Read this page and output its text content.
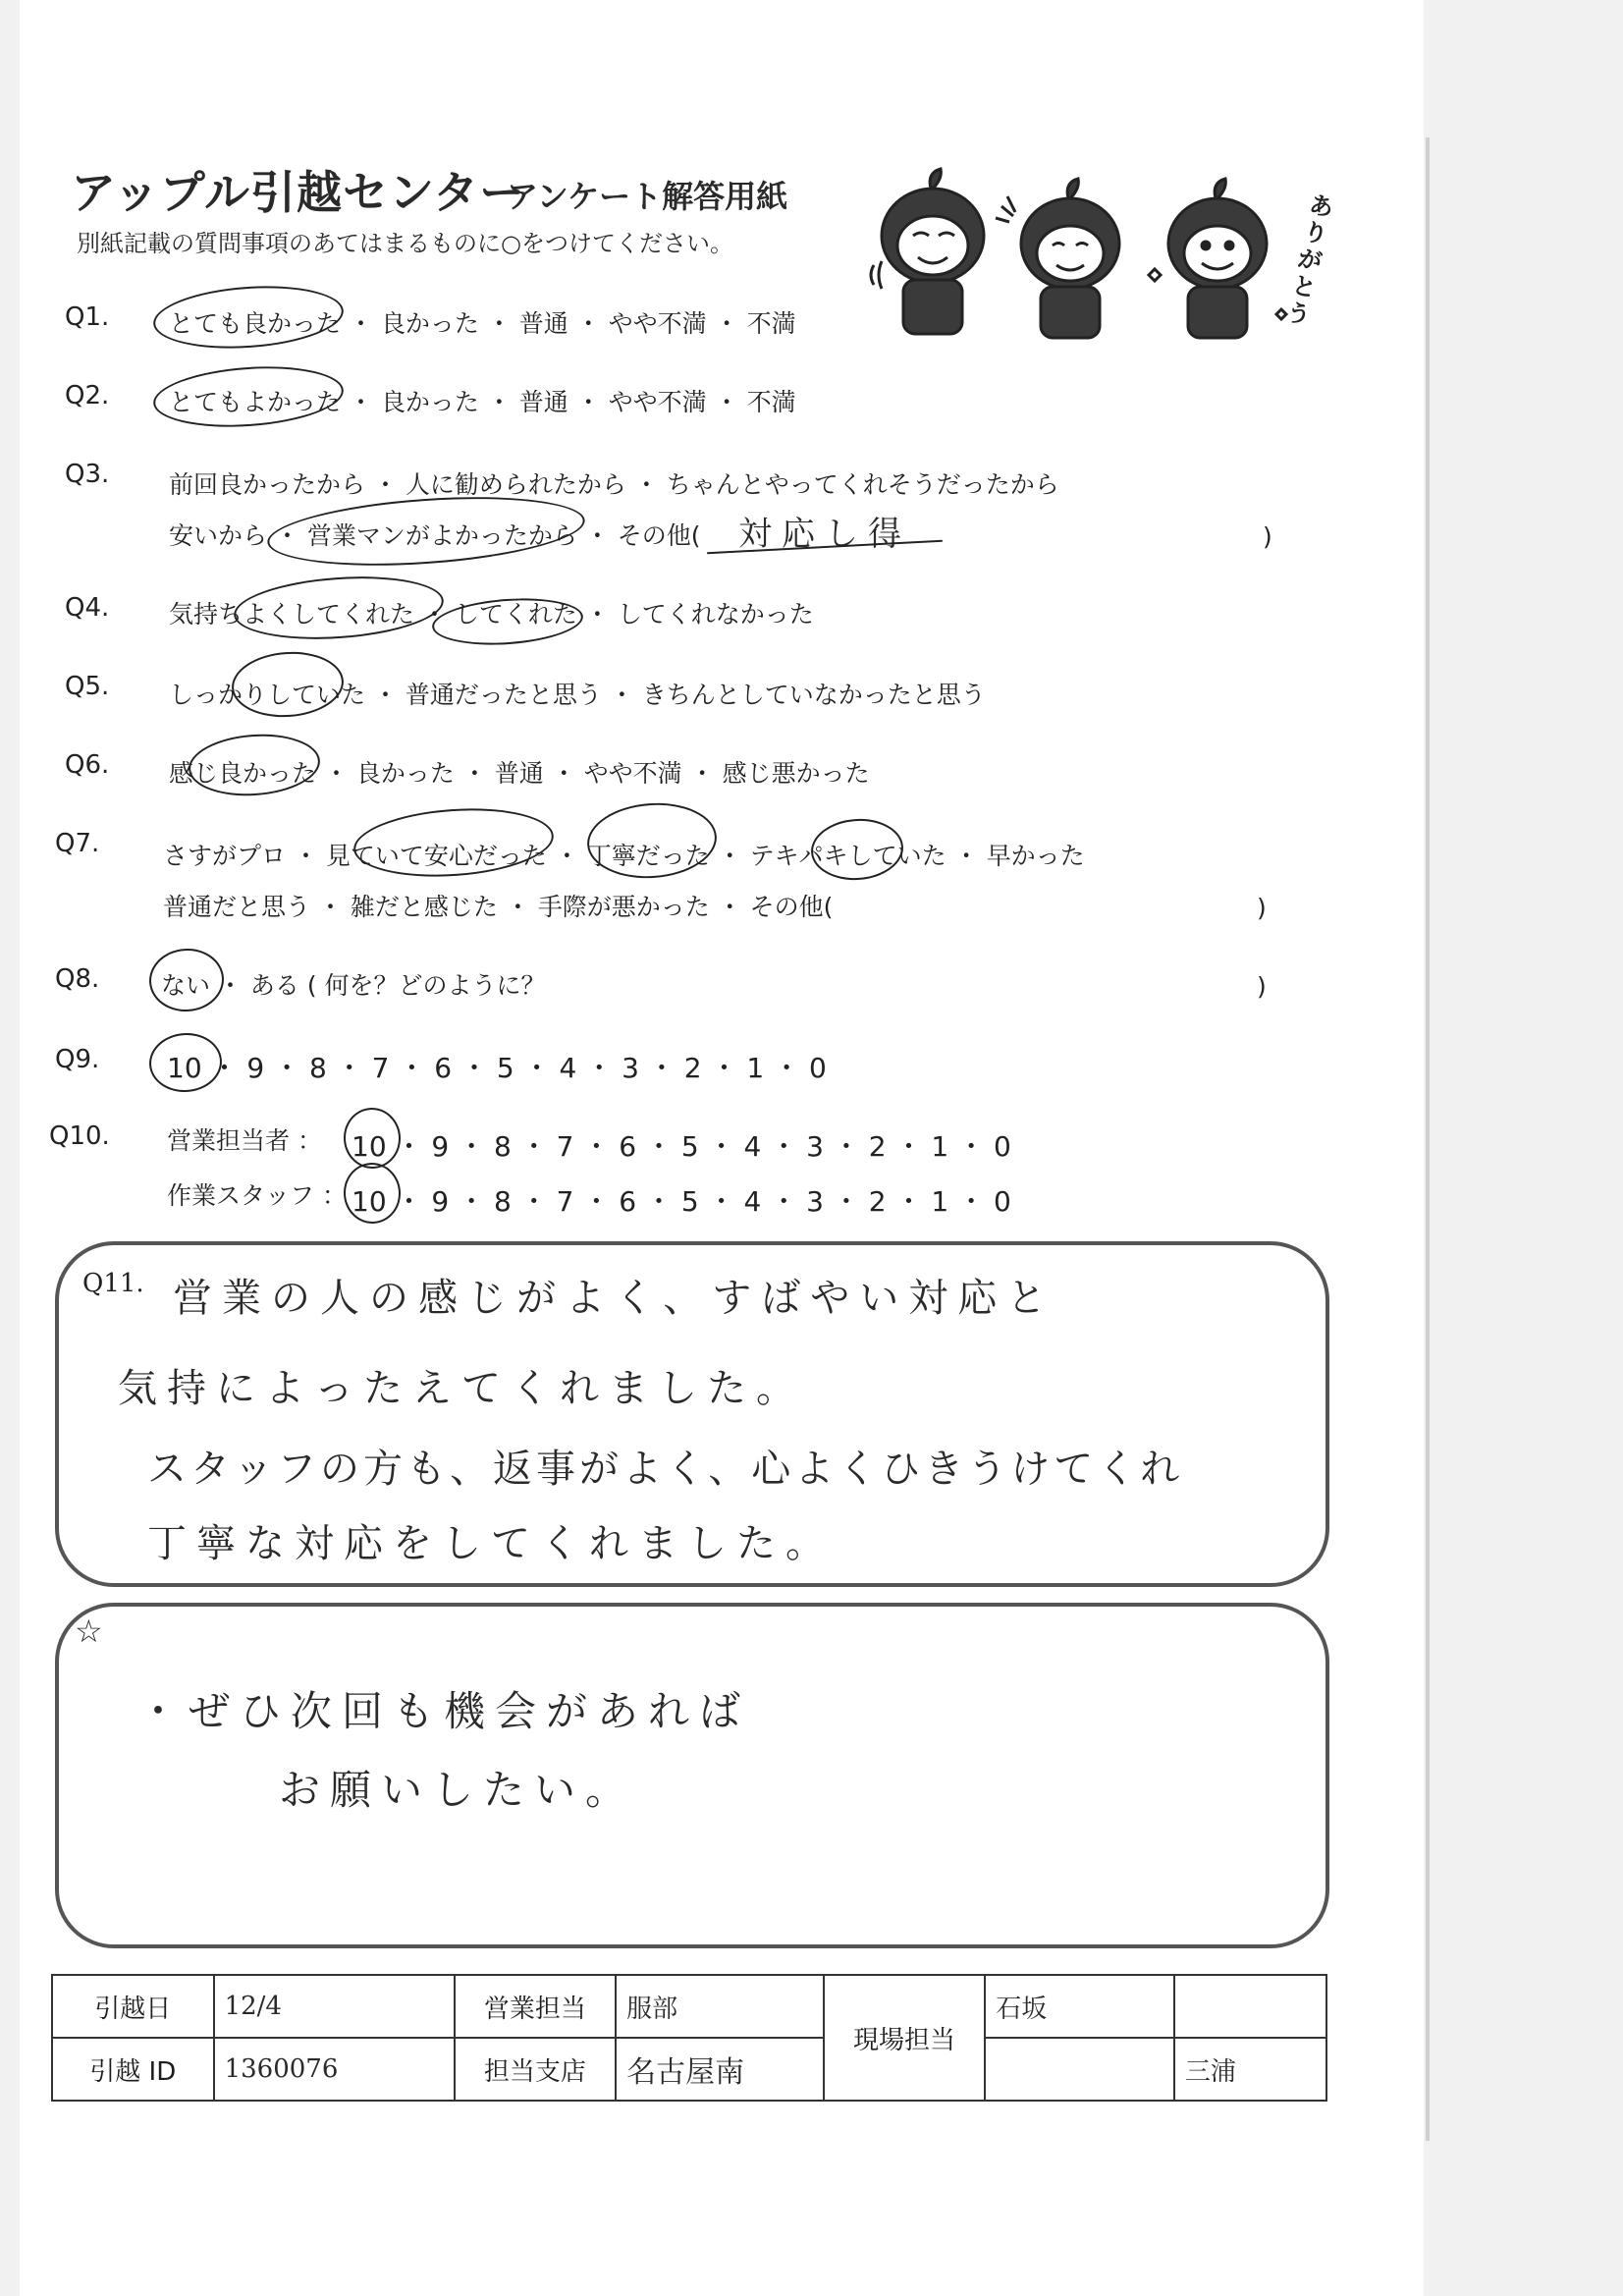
アップル引越センター
アンケート解答用紙
別紙記載の質問事項のあてはまるものに○をつけてください。
ありがとう
Q1. とても良かった ・ 良かった ・ 普通 ・ やや不満 ・ 不満
Q2. とてもよかった ・ 良かった ・ 普通 ・ やや不満 ・ 不満
Q3. 前回良かったから ・ 人に勧められたから ・ ちゃんとやってくれそうだったから
安いから ・ 営業マンがよかったから ・ その他( 対応し得	)
Q4. 気持ちよくしてくれた ・ してくれた ・ してくれなかった
Q5. しっかりしていた ・ 普通だったと思う ・ きちんとしていなかったと思う
Q6. 感じ良かった ・ 良かった ・ 普通 ・ やや不満 ・ 感じ悪かった
Q7.	さすがプロ ・ 見ていて安心だった ・ 丁寧だった ・ テキパキしていた ・ 早かった
普通だと思う ・ 雑だと感じた ・ 手際が悪かった ・ その他(	)
Q8.	ない ・ ある ( 何を？どのように？	)
Q9. 10 ・ 9 ・ 8 ・ 7 ・ 6 ・ 5 ・ 4 ・ 3 ・ 2 ・ 1 ・ 0
Q10. 営業担当者 ： 10 ・ 9 ・ 8 ・ 7 ・ 6 ・ 5 ・ 4 ・ 3 ・ 2 ・ 1 ・ 0
作業スタッフ ： 10 ・ 9 ・ 8 ・ 7 ・ 6 ・ 5 ・ 4 ・ 3 ・ 2 ・ 1 ・ 0
Q11. 営業の人の感じがよく、すばやい対応と
気持によったえてくれました。
スタッフの方も、返事がよく、心よくひきうけてくれ
丁寧な対応をしてくれました。
☆
・ぜひ次回も機会があれば
お願いしたい。
引越日	12/4	営業担当	服部	現場担当	石坂	
引越 ID	1360076	担当支店	名古屋南			三浦
